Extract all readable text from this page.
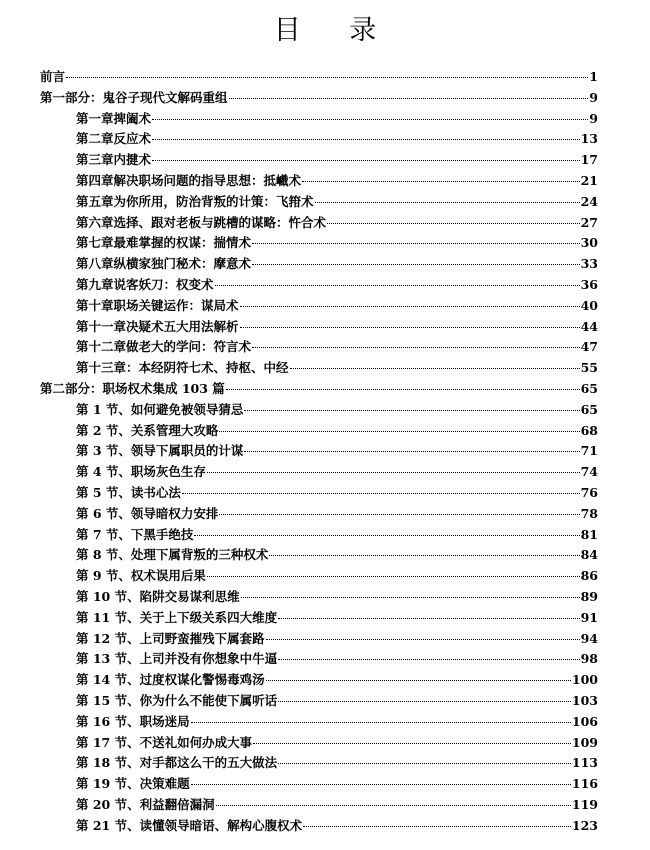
目 录
前言	1
第一部分：鬼谷子现代文解码重组	9
第一章捭阖术	9
第二章反应术	13
第三章内揵术	17
第四章解决职场问题的指导思想：抵巇术	21
第五章为你所用，防治背叛的计策：飞箝术	24
第六章选择、跟对老板与跳槽的谋略：忤合术	27
第七章最难掌握的权谋：揣情术	30
第八章纵横家独门秘术：摩意术	33
第九章说客妖刀：权变术	36
第十章职场关键运作：谋局术	40
第十一章决疑术五大用法解析	44
第十二章做老大的学问：符言术	47
第十三章：本经阴符七术、持枢、中经	55
第二部分：职场权术集成 103 篇	65
第 1 节、如何避免被领导猜忌	65
第 2 节、关系管理大攻略	68
第 3 节、领导下属职员的计谋	71
第 4 节、职场灰色生存	74
第 5 节、读书心法	76
第 6 节、领导暗权力安排	78
第 7 节、下黑手绝技	81
第 8 节、处理下属背叛的三种权术	84
第 9 节、权术误用后果	86
第 10 节、陷阱交易谋利思维	89
第 11 节、关于上下级关系四大维度	91
第 12 节、上司野蛮摧残下属套路	94
第 13 节、上司并没有你想象中牛逼	98
第 14 节、过度权谋化警惕毒鸡汤	100
第 15 节、你为什么不能使下属听话	103
第 16 节、职场迷局	106
第 17 节、不送礼如何办成大事	109
第 18 节、对手都这么干的五大做法	113
第 19 节、决策难题	116
第 20 节、利益翻倍漏洞	119
第 21 节、读懂领导暗语、解构心腹权术	123
